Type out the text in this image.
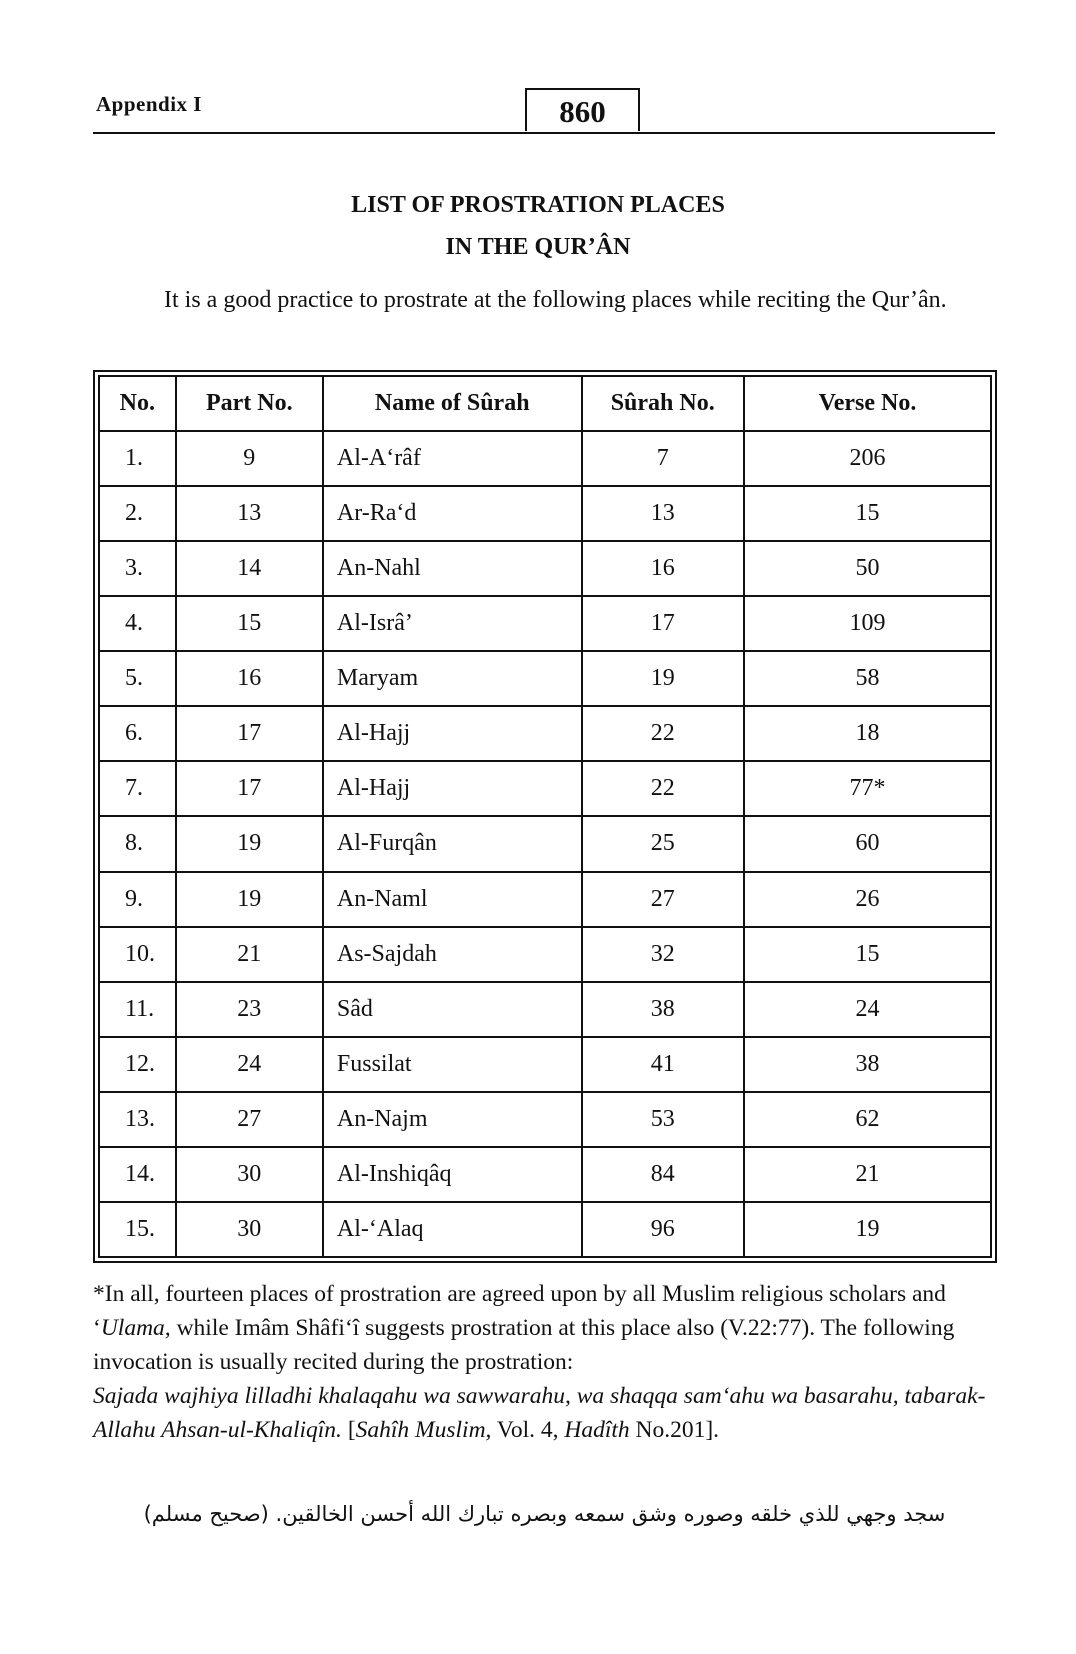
Appendix I	860
LIST OF PROSTRATION PLACES
IN THE QUR’ÂN
It is a good practice to prostrate at the following places while reciting the Qur’ân.
No.	Part No.	Name of Sûrah	Sûrah No.	Verse No.
1.	9	Al-A‘râf	7	206
2.	13	Ar-Ra‘d	13	15
3.	14	An-Nahl	16	50
4.	15	Al-Isrâ’	17	109
5.	16	Maryam	19	58
6.	17	Al-Hajj	22	18
7.	17	Al-Hajj	22	77*
8.	19	Al-Furqân	25	60
9.	19	An-Naml	27	26
10.	21	As-Sajdah	32	15
11.	23	Sâd	38	24
12.	24	Fussilat	41	38
13.	27	An-Najm	53	62
14.	30	Al-Inshiqâq	84	21
15.	30	Al-‘Alaq	96	19

*In all, fourteen places of prostration are agreed upon by all Muslim religious scholars and ‘Ulama, while Imâm Shâfi‘î suggests prostration at this place also (V.22:77). The following invocation is usually recited during the prostration:

Sajada wajhiya lilladhi khalaqahu wa sawwarahu, wa shaqqa sam‘ahu wa basarahu, tabarak-Allahu Ahsan-ul-Khaliqîn. [Sahîh Muslim, Vol. 4, Hadîth No.201].

سجد وجهي للذي خلقه وصوره وشق سمعه وبصره تبارك الله أحسن الخالقين. (صحيح مسلم)
